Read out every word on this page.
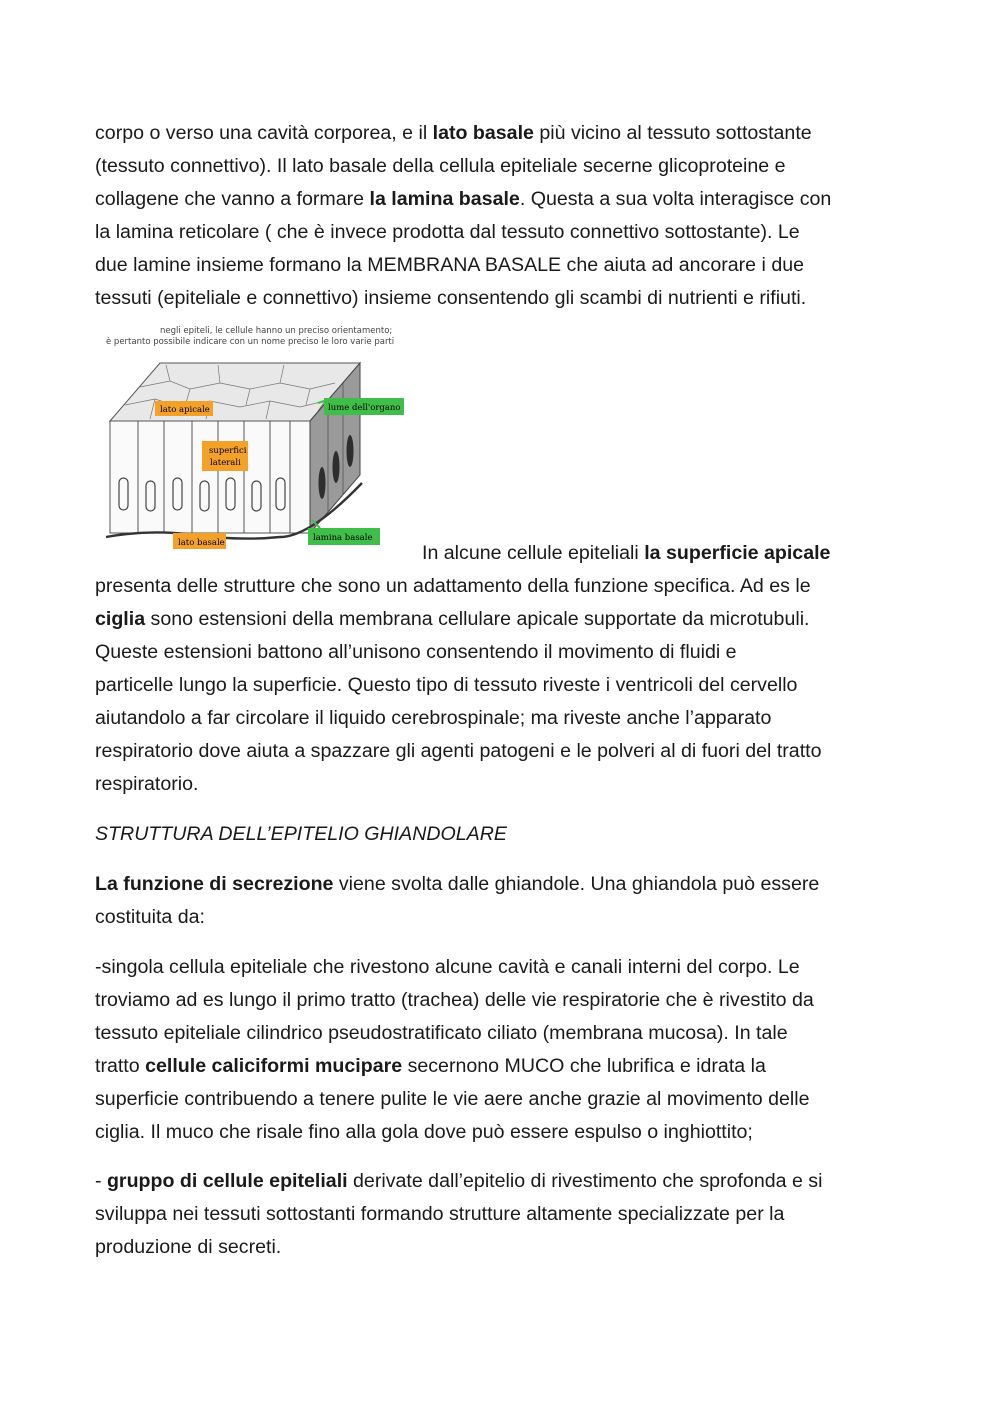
corpo o verso una cavità corporea, e il lato basale più vicino al tessuto sottostante

(tessuto connettivo). Il lato basale della cellula epiteliale secerne glicoproteine e

collagene che vanno a formare la lamina basale. Questa a sua volta interagisce con

la lamina reticolare ( che è invece prodotta dal tessuto connettivo sottostante). Le

due lamine insieme formano la MEMBRANA BASALE che aiuta ad ancorare i due

tessuti (epiteliale e connettivo) insieme consentendo gli scambi di nutrienti e rifiuti.

negli epiteli, le cellule hanno un preciso orientamento;
è pertanto possibile indicare con un nome preciso le loro varie parti
lato apicale
superfici
laterali
lume dell'organo
lato basale	lamina basale
In alcune cellule epiteliali la superficie apicale

presenta delle strutture che sono un adattamento della funzione specifica. Ad es le

ciglia sono estensioni della membrana cellulare apicale supportate da microtubuli.

Queste estensioni battono all’unisono consentendo il movimento di fluidi e

particelle lungo la superficie. Questo tipo di tessuto riveste i ventricoli del cervello

aiutandolo a far circolare il liquido cerebrospinale; ma riveste anche l’apparato

respiratorio dove aiuta a spazzare gli agenti patogeni e le polveri al di fuori del tratto

respiratorio.

STRUTTURA DELL’EPITELIO GHIANDOLARE

La funzione di secrezione viene svolta dalle ghiandole. Una ghiandola può essere

costituita da:

-singola cellula epiteliale che rivestono alcune cavità e canali interni del corpo. Le

troviamo ad es lungo il primo tratto (trachea) delle vie respiratorie che è rivestito da

tessuto epiteliale cilindrico pseudostratificato ciliato (membrana mucosa). In tale

tratto cellule caliciformi mucipare secernono MUCO che lubrifica e idrata la

superficie contribuendo a tenere pulite le vie aere anche grazie al movimento delle

ciglia. Il muco che risale fino alla gola dove può essere espulso o inghiottito;

- gruppo di cellule epiteliali derivate dall’epitelio di rivestimento che sprofonda e si

sviluppa nei tessuti sottostanti formando strutture altamente specializzate per la

produzione di secreti.
